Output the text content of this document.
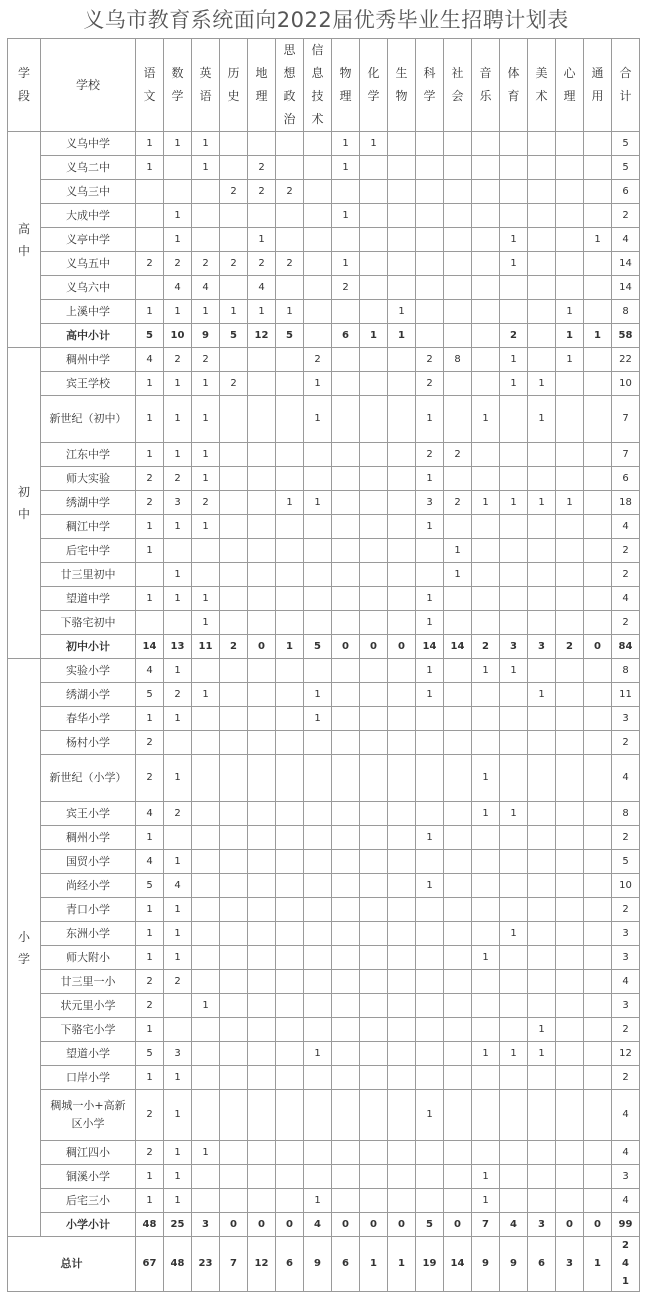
义乌市教育系统面向2022届优秀毕业生招聘计划表
学段	学校	语文	数学	英语	历史	地理	思想政治	信息技术	物理	化学	生物	科学	社会	音乐	体育	美术	心理	通用	合计
高中	义乌中学	1	1	1					1	1									5
	义乌二中	1		1		2			1										5
	义乌三中				2	2	2												6
	大成中学		1						1										2
	义亭中学		1			1									1			1	4
	义乌五中	2	2	2	2	2	2		1						1				14
	义乌六中		4	4		4			2										14
	上溪中学	1	1	1	1	1	1				1						1		8
	高中小计	5	10	9	5	12	5		6	1	1				2		1	1	58
初中	稠州中学	4	2	2				2				2	8		1		1		22
	宾王学校	1	1	1	2			1				2			1	1			10
	新世纪（初中）	1	1	1				1				1		1		1			7
	江东中学	1	1	1								2	2						7
	师大实验	2	2	1								1							6
	绣湖中学	2	3	2			1	1				3	2	1	1	1	1		18
	稠江中学	1	1	1								1							4
	后宅中学	1											1						2
	廿三里初中		1										1						2
	望道中学	1	1	1								1							4
	下骆宅初中			1								1							2
	初中小计	14	13	11	2	0	1	5	0	0	0	14	14	2	3	3	2	0	84
小学	实验小学	4	1									1		1	1				8
	绣湖小学	5	2	1				1				1				1			11
	春华小学	1	1					1											3
	杨村小学	2																	2
	新世纪（小学）	2	1											1					4
	宾王小学	4	2											1	1				8
	稠州小学	1										1							2
	国贸小学	4	1																5
	尚经小学	5	4									1							10
	青口小学	1	1																2
	东洲小学	1	1												1				3
	师大附小	1	1											1					3
	廿三里一小	2	2																4
	状元里小学	2		1															3
	下骆宅小学	1														1			2
	望道小学	5	3					1						1	1	1			12
	口岸小学	1	1																2
	稠城一小+高新区小学	2	1									1							4
	稠江四小	2	1	1															4
	铜溪小学	1	1											1					3
	后宅三小	1	1					1						1					4
	小学小计	48	25	3	0	0	0	4	0	0	0	5	0	7	4	3	0	0	99
总计		67	48	23	7	12	6	9	6	1	1	19	14	9	9	6	3	1	241
